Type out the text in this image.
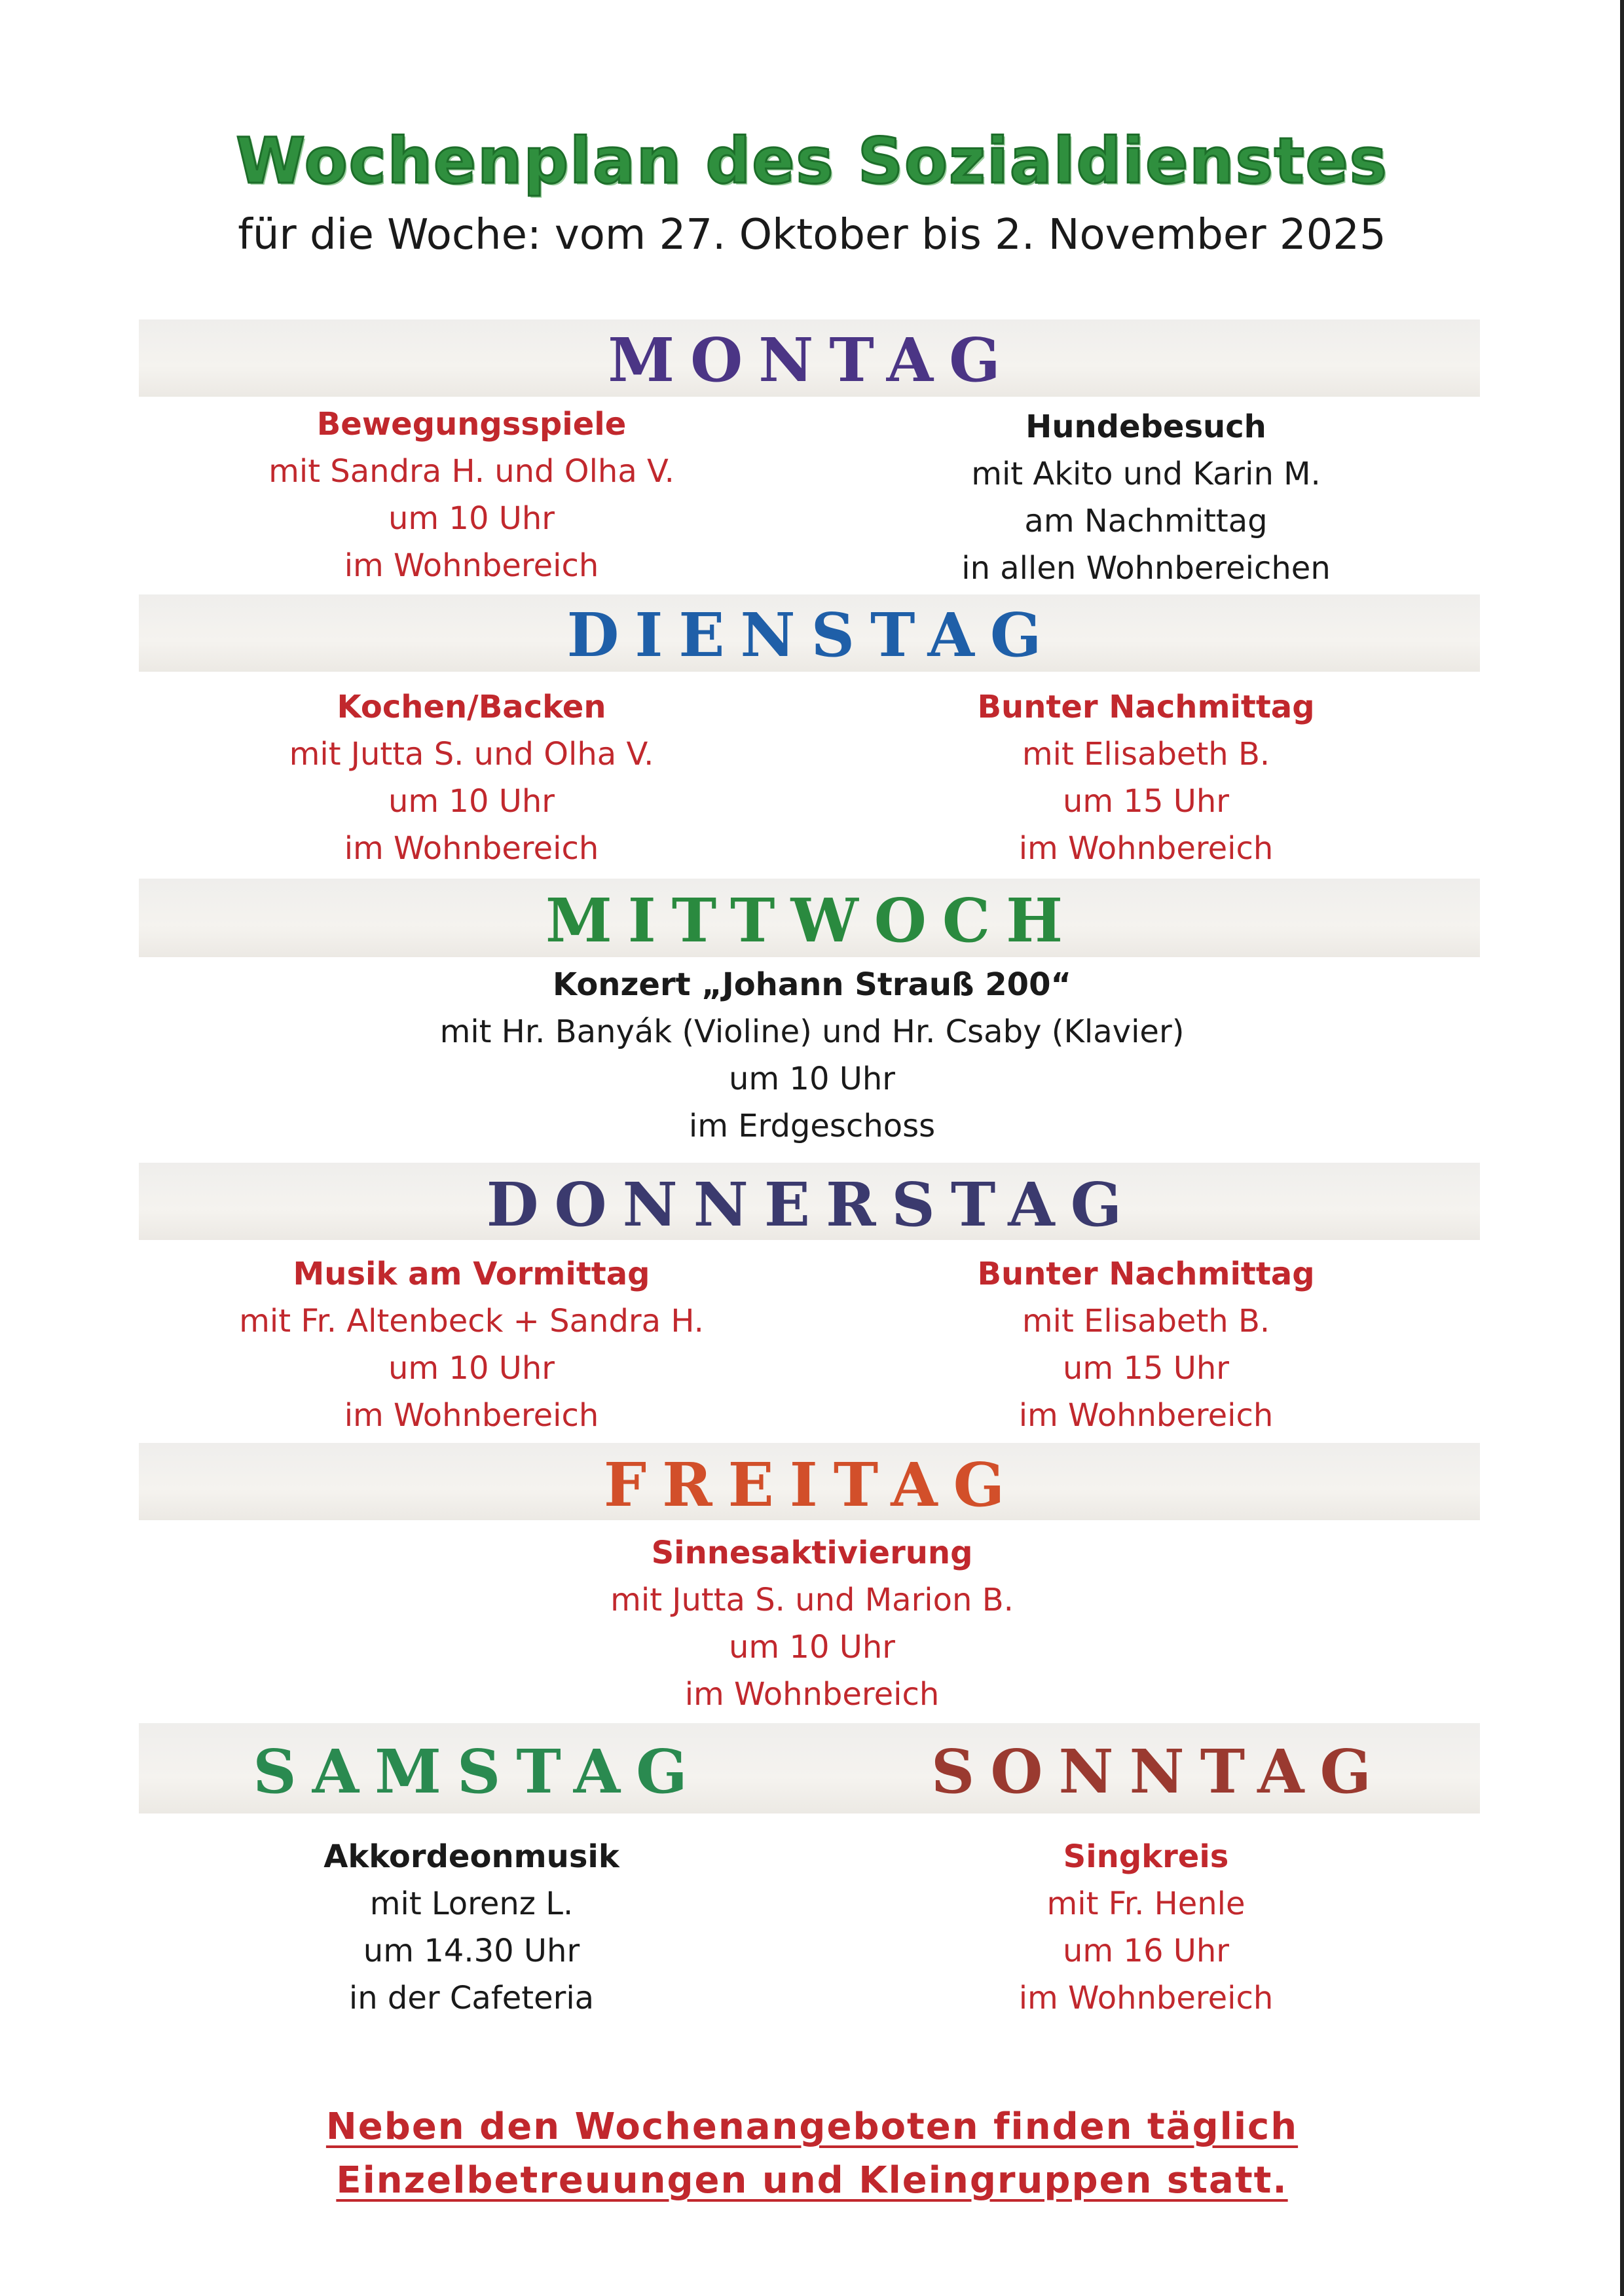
Wochenplan des Sozialdienstes
für die Woche: vom 27. Oktober bis 2. November 2025
MONTAG
Bewegungsspiele
mit Sandra H. und Olha V.
um 10 Uhr
im Wohnbereich
Hundebesuch
mit Akito und Karin M.
am Nachmittag
in allen Wohnbereichen
DIENSTAG
Kochen/Backen
mit Jutta S. und Olha V.
um 10 Uhr
im Wohnbereich
Bunter Nachmittag
mit Elisabeth B.
um 15 Uhr
im Wohnbereich
MITTWOCH
Konzert „Johann Strauß 200“
mit Hr. Banyák (Violine) und Hr. Csaby (Klavier)
um 10 Uhr
im Erdgeschoss
DONNERSTAG
Musik am Vormittag
mit Fr. Altenbeck + Sandra H.
um 10 Uhr
im Wohnbereich
Bunter Nachmittag
mit Elisabeth B.
um 15 Uhr
im Wohnbereich
FREITAG
Sinnesaktivierung
mit Jutta S. und Marion B.
um 10 Uhr
im Wohnbereich
SAMSTAG	SONNTAG
Akkordeonmusik
mit Lorenz L.
um 14.30 Uhr
in der Cafeteria
Singkreis
mit Fr. Henle
um 16 Uhr
im Wohnbereich
Neben den Wochenangeboten finden täglich
Einzelbetreuungen und Kleingruppen statt.
